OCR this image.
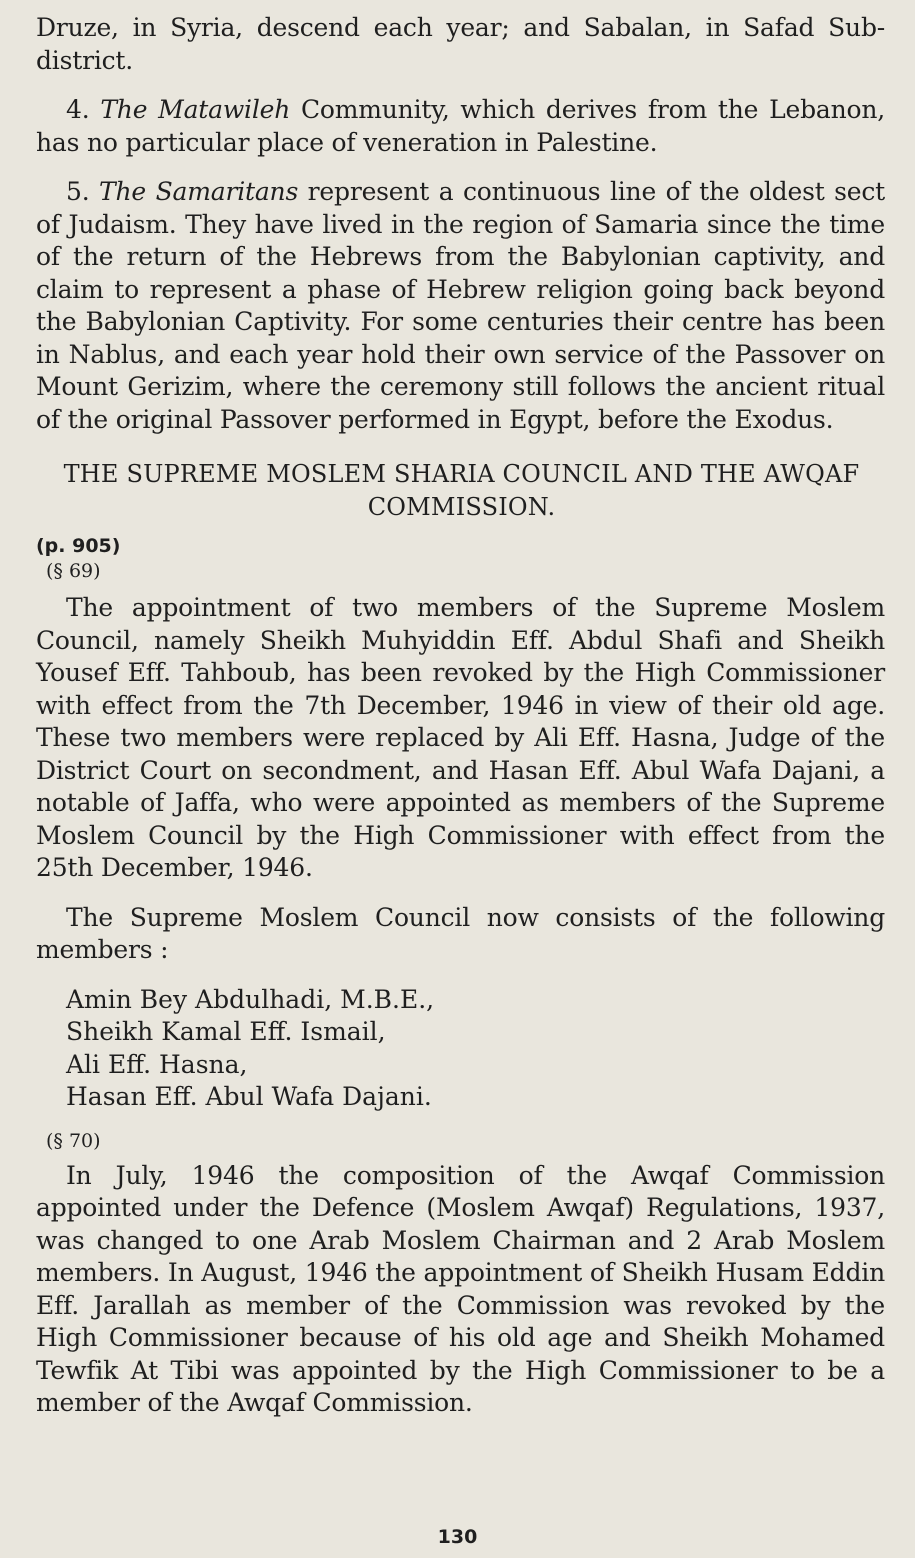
Druze, in Syria, descend each year; and Sabalan, in Safad Sub-district.

4. The Matawileh Community, which derives from the Lebanon, has no particular place of veneration in Palestine.

5. The Samaritans represent a continuous line of the oldest sect of Judaism. They have lived in the region of Samaria since the time of the return of the Hebrews from the Babylonian captivity, and claim to represent a phase of Hebrew religion going back beyond the Babylonian Captivity. For some centuries their centre has been in Nablus, and each year hold their own service of the Passover on Mount Gerizim, where the ceremony still follows the ancient ritual of the original Passover performed in Egypt, before the Exodus.

THE SUPREME MOSLEM SHARIA COUNCIL AND THE AWQAF COMMISSION.

(p. 905)

(§ 69)

The appointment of two members of the Supreme Moslem Council, namely Sheikh Muhyiddin Eff. Abdul Shafi and Sheikh Yousef Eff. Tahboub, has been revoked by the High Commissioner with effect from the 7th December, 1946 in view of their old age. These two members were replaced by Ali Eff. Hasna, Judge of the District Court on secondment, and Hasan Eff. Abul Wafa Dajani, a notable of Jaffa, who were appointed as members of the Supreme Moslem Council by the High Commissioner with effect from the 25th December, 1946.

The Supreme Moslem Council now consists of the following members :

Amin Bey Abdulhadi, M.B.E.,
Sheikh Kamal Eff. Ismail,
Ali Eff. Hasna,
Hasan Eff. Abul Wafa Dajani.

(§ 70)

In July, 1946 the composition of the Awqaf Commission appointed under the Defence (Moslem Awqaf) Regulations, 1937, was changed to one Arab Moslem Chairman and 2 Arab Moslem members. In August, 1946 the appointment of Sheikh Husam Eddin Eff. Jarallah as member of the Commission was revoked by the High Commissioner because of his old age and Sheikh Mohamed Tewfik At Tibi was appointed by the High Commissioner to be a member of the Awqaf Commission.

130
